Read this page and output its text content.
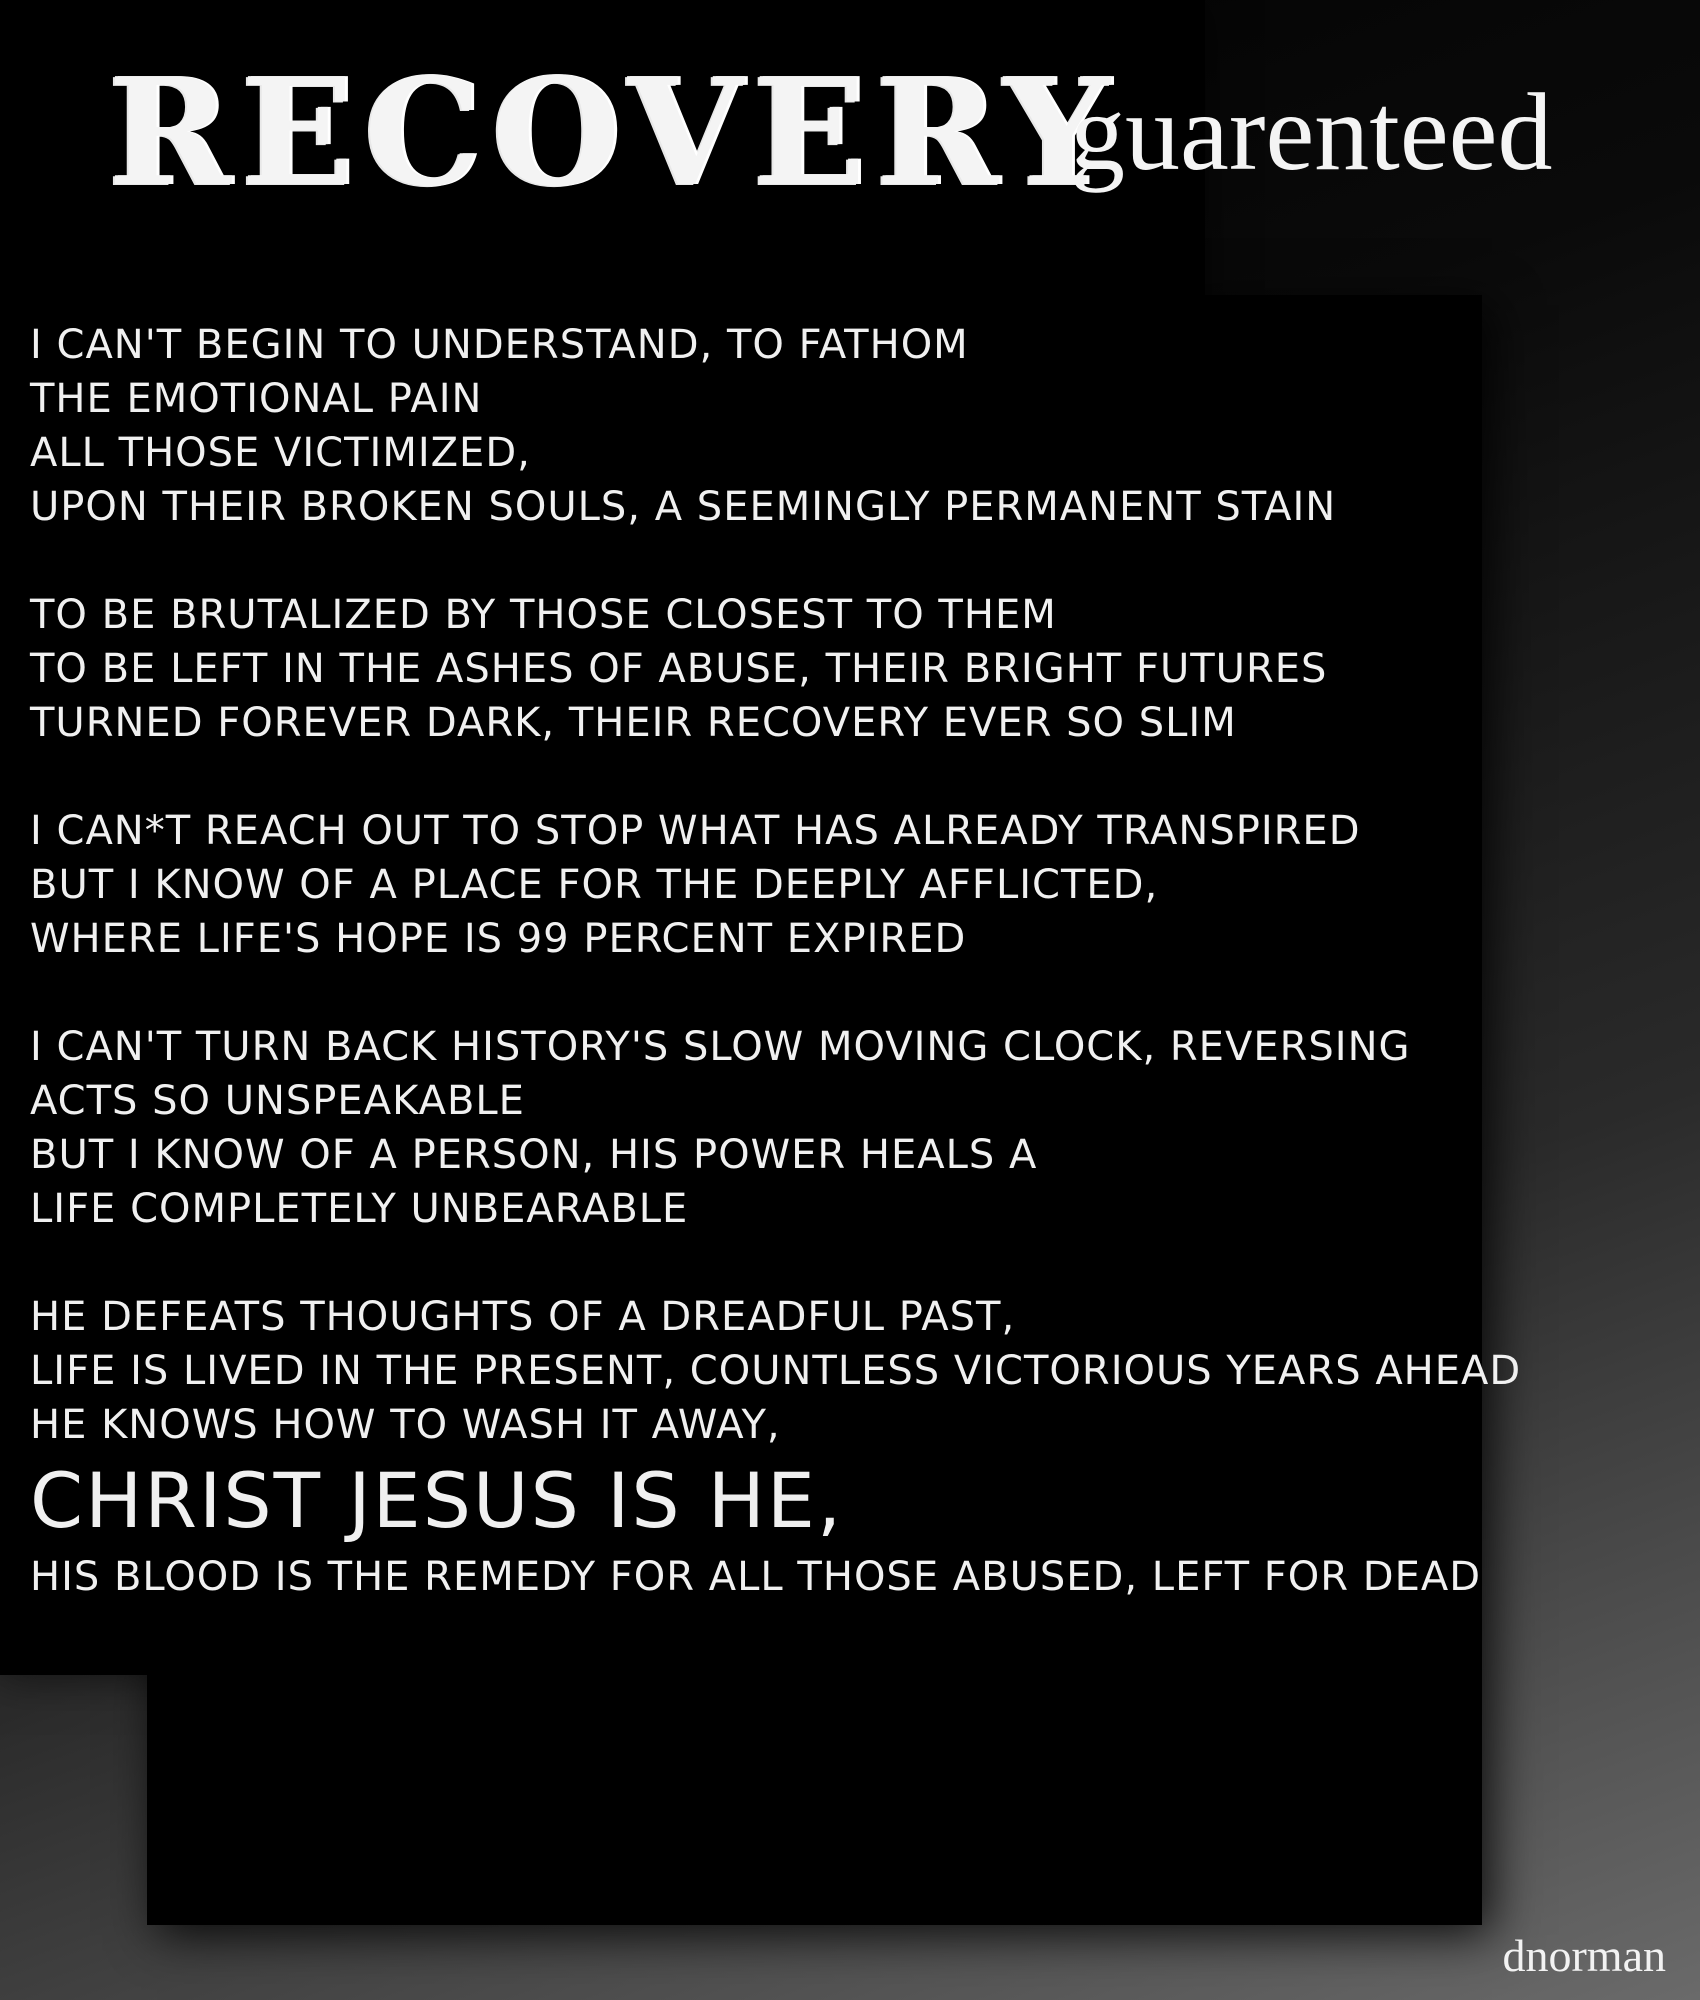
RECOVERY
guarenteed
I CAN'T BEGIN TO UNDERSTAND, TO FATHOM
THE EMOTIONAL PAIN
ALL THOSE VICTIMIZED,
UPON THEIR BROKEN SOULS, A SEEMINGLY PERMANENT STAIN
TO BE BRUTALIZED BY THOSE CLOSEST TO THEM
TO BE LEFT IN THE ASHES OF ABUSE, THEIR BRIGHT FUTURES
TURNED FOREVER DARK, THEIR RECOVERY EVER SO SLIM
I CAN*T REACH OUT TO STOP WHAT HAS ALREADY TRANSPIRED
BUT I KNOW OF A PLACE FOR THE DEEPLY AFFLICTED,
WHERE LIFE'S HOPE IS 99 PERCENT EXPIRED
I CAN'T TURN BACK HISTORY'S SLOW MOVING CLOCK, REVERSING
ACTS SO UNSPEAKABLE
BUT I KNOW OF A PERSON, HIS POWER HEALS A
LIFE COMPLETELY UNBEARABLE
HE DEFEATS THOUGHTS OF A DREADFUL PAST,
LIFE IS LIVED IN THE PRESENT, COUNTLESS VICTORIOUS YEARS AHEAD
HE KNOWS HOW TO WASH IT AWAY,
CHRIST JESUS IS HE,
HIS BLOOD IS THE REMEDY FOR ALL THOSE ABUSED, LEFT FOR DEAD
dnorman
